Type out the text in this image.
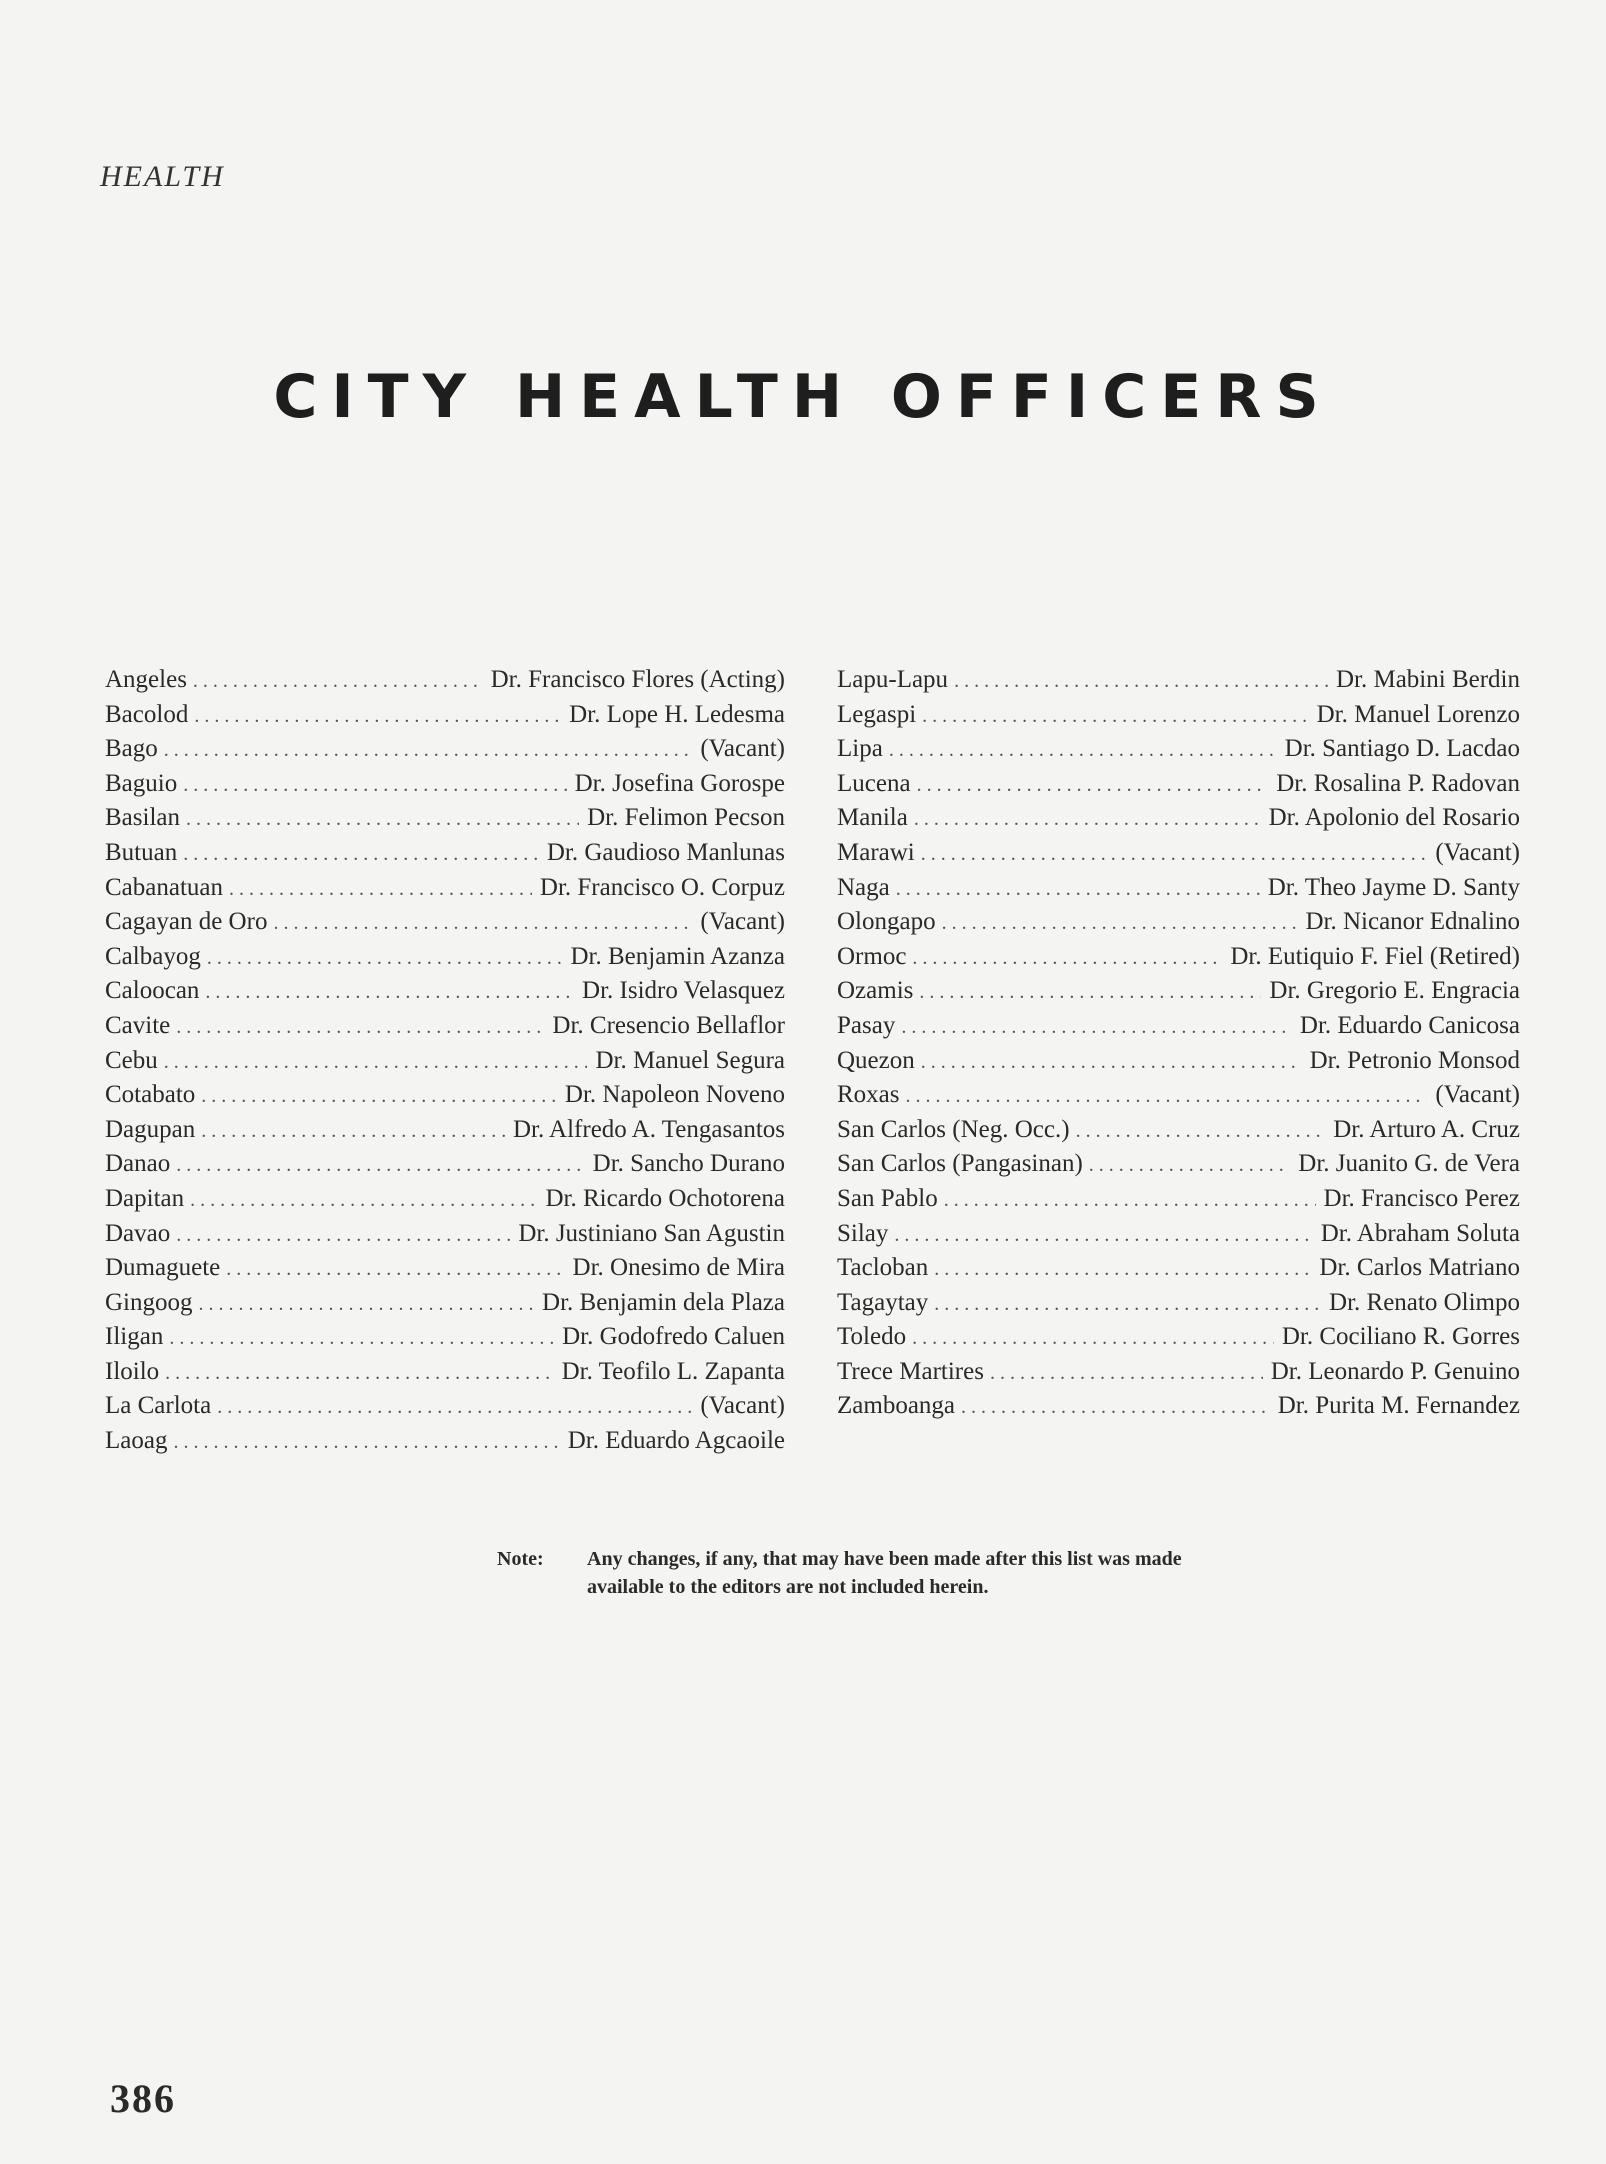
HEALTH
CITY HEALTH OFFICERS
Angeles . . .	Dr. Francisco Flores (Acting)
Bacolod . . .	Dr. Lope H. Ledesma
Bago . . .	(Vacant)
Baguio . . .	Dr. Josefina Gorospe
Basilan . . .	Dr. Felimon Pecson
Butuan . . .	Dr. Gaudioso Manlunas
Cabanatuan . . .	Dr. Francisco O. Corpuz
Cagayan de Oro . . .	(Vacant)
Calbayog . . .	Dr. Benjamin Azanza
Caloocan . . .	Dr. Isidro Velasquez
Cavite . . .	Dr. Cresencio Bellaflor
Cebu . . .	Dr. Manuel Segura
Cotabato . . .	Dr. Napoleon Noveno
Dagupan . . .	Dr. Alfredo A. Tengasantos
Danao . . .	Dr. Sancho Durano
Dapitan . . .	Dr. Ricardo Ochotorena
Davao . . .	Dr. Justiniano San Agustin
Dumaguete . . .	Dr. Onesimo de Mira
Gingoog . . .	Dr. Benjamin dela Plaza
Iligan . . .	Dr. Godofredo Caluen
Iloilo . . .	Dr. Teofilo L. Zapanta
La Carlota . . .	(Vacant)
Laoag . . .	Dr. Eduardo Agcaoile
Lapu-Lapu . . .	Dr. Mabini Berdin
Legaspi . . .	Dr. Manuel Lorenzo
Lipa . . .	Dr. Santiago D. Lacdao
Lucena . . .	Dr. Rosalina P. Radovan
Manila . . .	Dr. Apolonio del Rosario
Marawi . . .	(Vacant)
Naga . . .	Dr. Theo Jayme D. Santy
Olongapo . . .	Dr. Nicanor Ednalino
Ormoc . . .	Dr. Eutiquio F. Fiel (Retired)
Ozamis . . .	Dr. Gregorio E. Engracia
Pasay . . .	Dr. Eduardo Canicosa
Quezon . . .	Dr. Petronio Monsod
Roxas . . .	(Vacant)
San Carlos (Neg. Occ.) . . .	Dr. Arturo A. Cruz
San Carlos (Pangasinan) . . .	Dr. Juanito G. de Vera
San Pablo . . .	Dr. Francisco Perez
Silay . . .	Dr. Abraham Soluta
Tacloban . . .	Dr. Carlos Matriano
Tagaytay . . .	Dr. Renato Olimpo
Toledo . . .	Dr. Cociliano R. Gorres
Trece Martires . . .	Dr. Leonardo P. Genuino
Zamboanga . . .	Dr. Purita M. Fernandez
Note:	Any changes, if any, that may have been made after this list was made available to the editors are not included herein.
386
